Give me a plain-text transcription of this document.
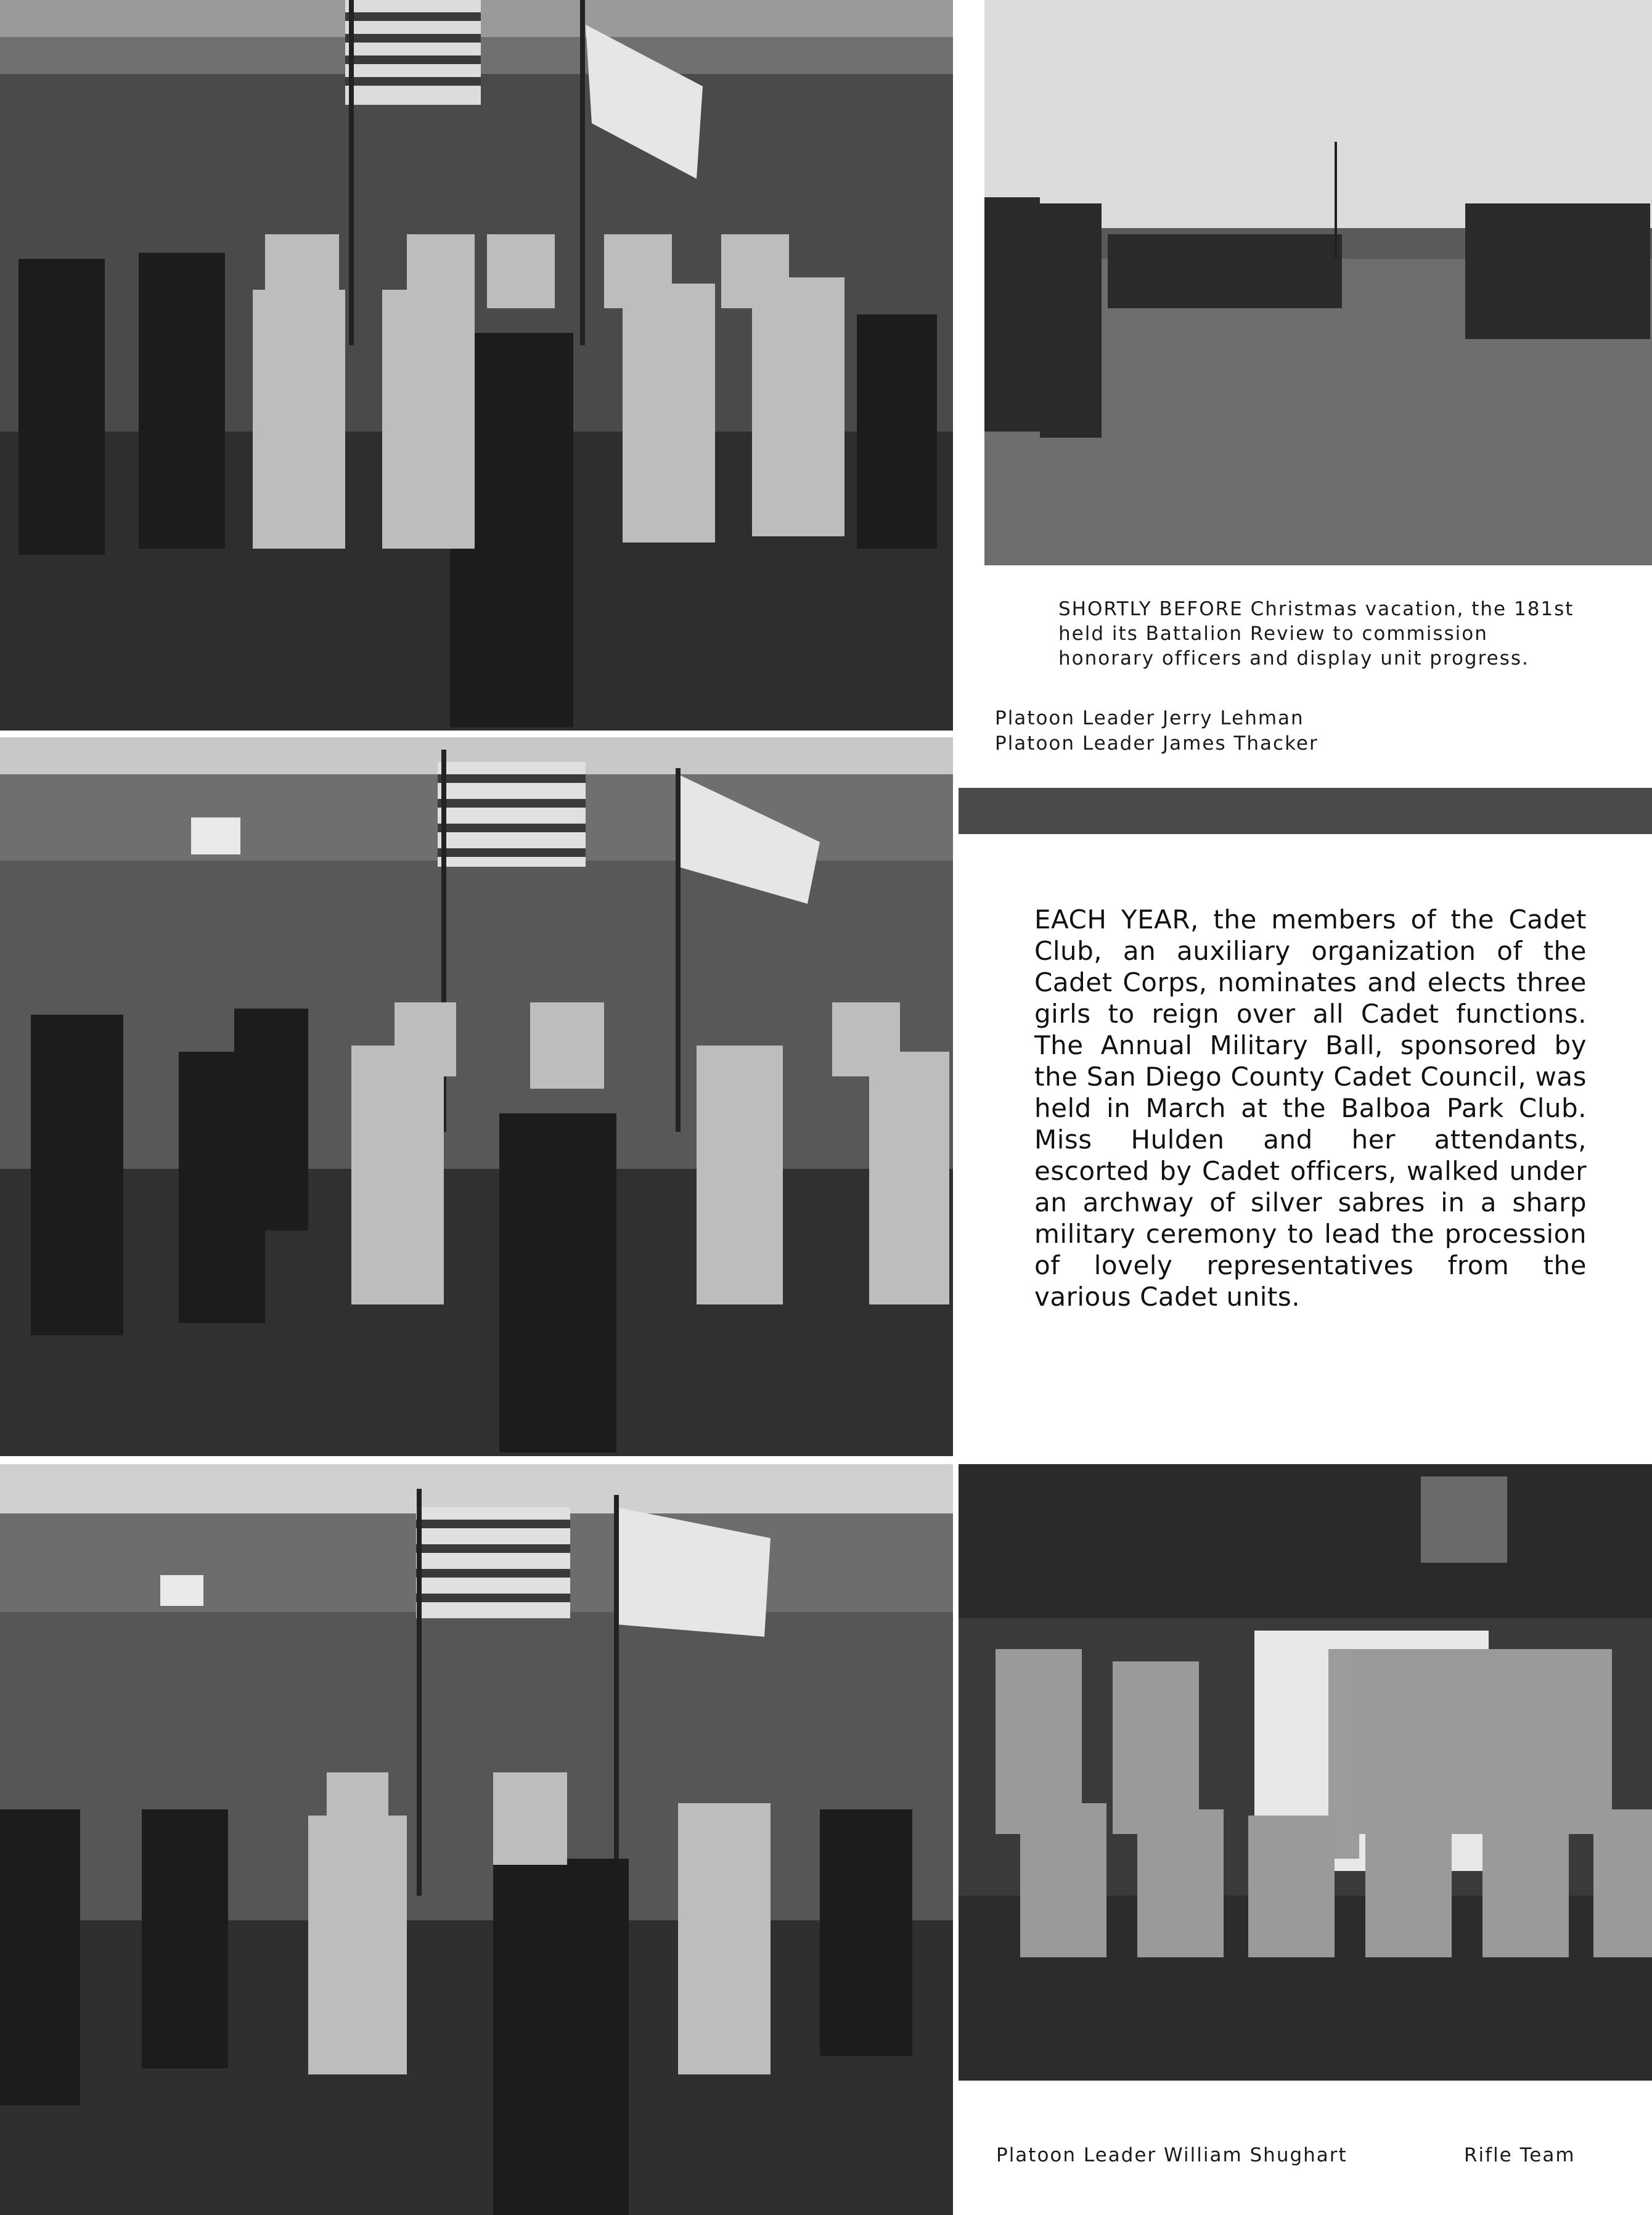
SHORTLY BEFORE Christmas vacation, the 181st held its Battalion Review to commission honorary officers and display unit progress.
Platoon Leader Jerry Lehman
Platoon Leader James Thacker
EACH YEAR, the members of the Cadet Club, an auxiliary organization of the Cadet Corps, nominates and elects three girls to reign over all Cadet functions. The Annual Military Ball, sponsored by the San Diego County Cadet Council, was held in March at the Balboa Park Club. Miss Hulden and her attendants, escorted by Cadet officers, walked under an archway of silver sabres in a sharp military ceremony to lead the procession of lovely representatives from the various Cadet units.
Platoon Leader William Shughart	Rifle Team
